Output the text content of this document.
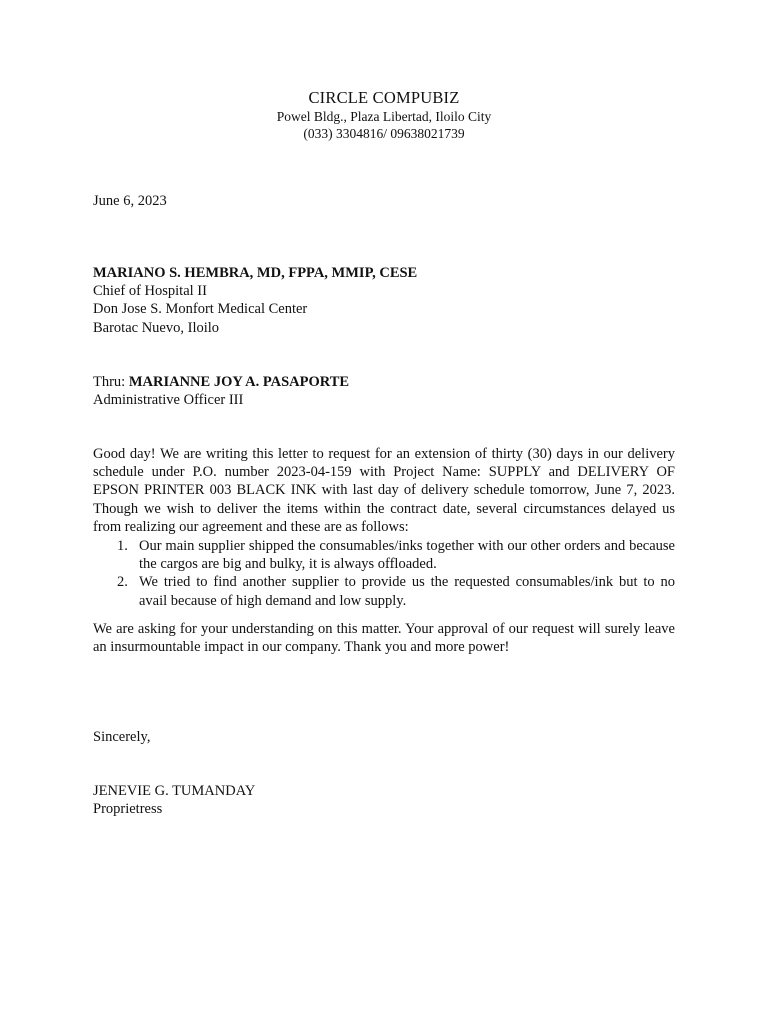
CIRCLE COMPUBIZ
Powel Bldg., Plaza Libertad, Iloilo City
(033) 3304816/ 09638021739
June 6, 2023
MARIANO S. HEMBRA, MD, FPPA, MMIP, CESE
Chief of Hospital II
Don Jose S. Monfort Medical Center
Barotac Nuevo, Iloilo
Thru: MARIANNE JOY A. PASAPORTE
Administrative Officer III

Good day! We are writing this letter to request for an extension of thirty (30) days in our delivery schedule under P.O. number 2023-04-159 with Project Name: SUPPLY and DELIVERY OF EPSON PRINTER 003 BLACK INK with last day of delivery schedule tomorrow, June 7, 2023. Though we wish to deliver the items within the contract date, several circumstances delayed us from realizing our agreement and these are as follows:

1. Our main supplier shipped the consumables/inks together with our other orders and because the cargos are big and bulky, it is always offloaded.
2. We tried to find another supplier to provide us the requested consumables/ink but to no avail because of high demand and low supply.

We are asking for your understanding on this matter. Your approval of our request will surely leave an insurmountable impact in our company. Thank you and more power!

Sincerely,
JENEVIE G. TUMANDAY
Proprietress
